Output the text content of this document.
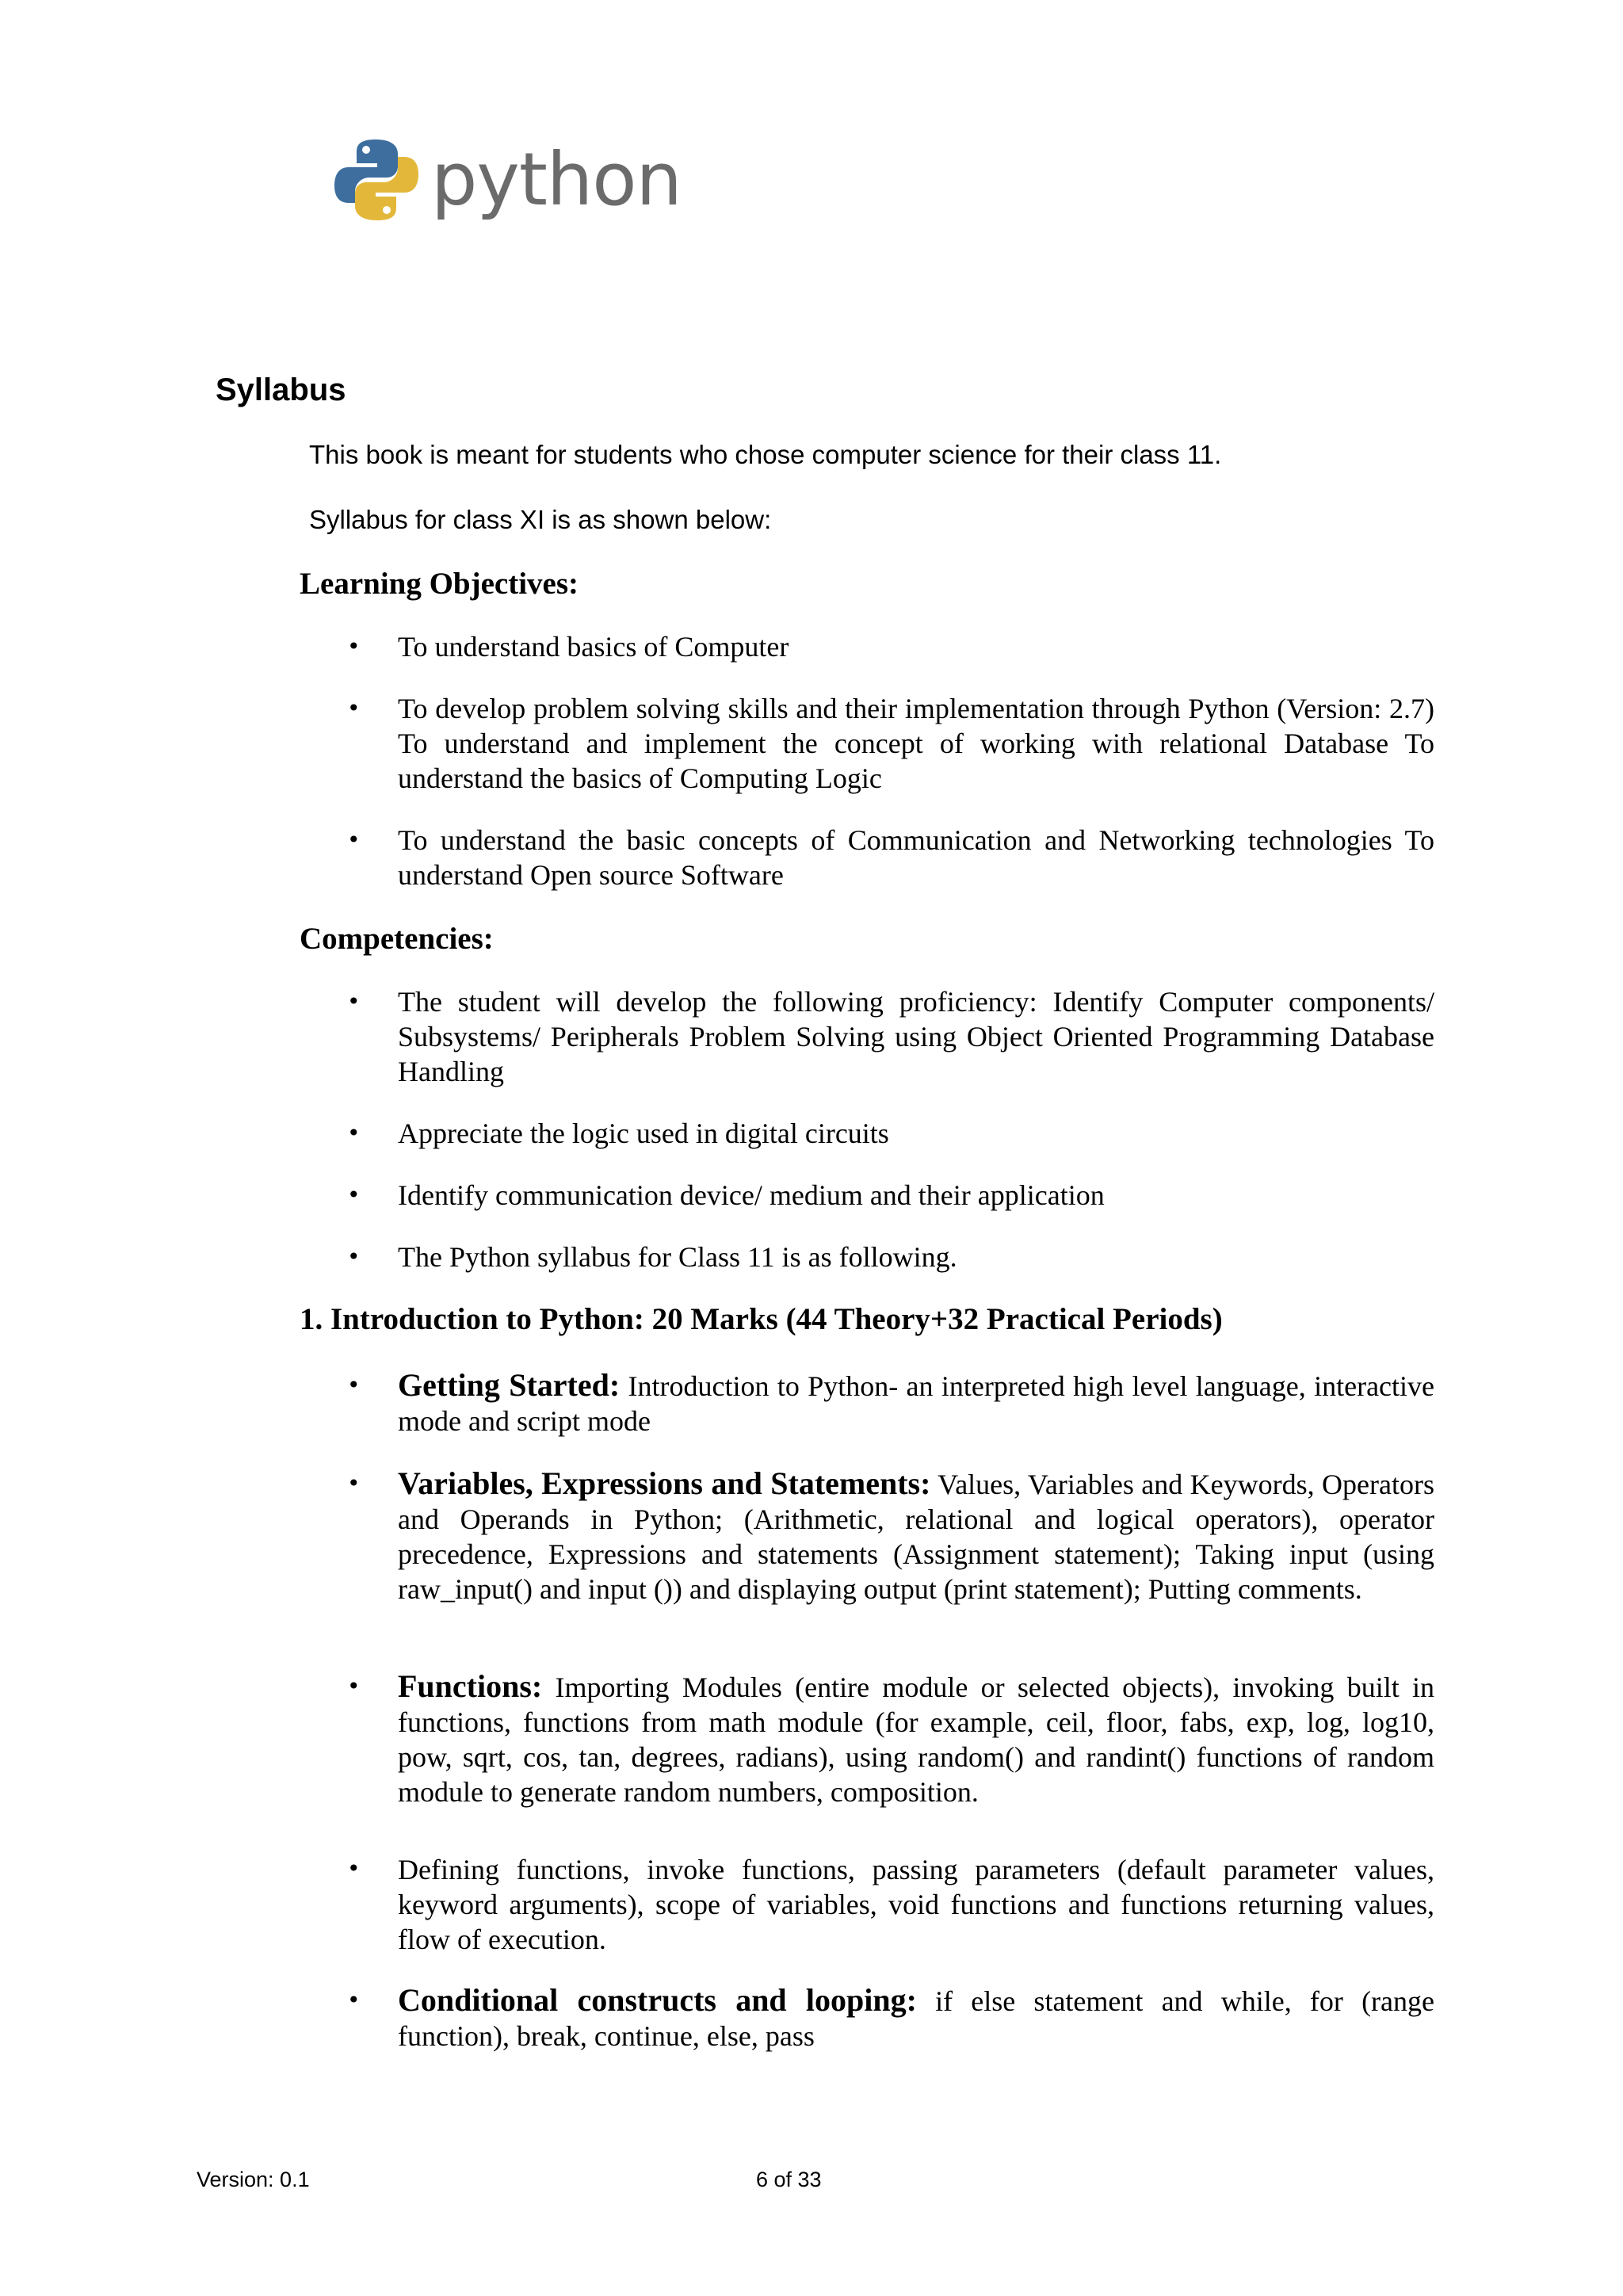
python
Syllabus

This book is meant for students who chose computer science for their class 11.

Syllabus for class XI is as shown below:

Learning Objectives:
• To understand basics of Computer
• To develop problem solving skills and their implementation through Python (Version: 2.7) To understand and implement the concept of working with relational Database To understand the basics of Computing Logic
• To understand the basic concepts of Communication and Networking technologies To understand Open source Software
Competencies:
• The student will develop the following proficiency: Identify Computer components/ Subsystems/ Peripherals Problem Solving using Object Oriented Programming Database Handling
• Appreciate the logic used in digital circuits
• Identify communication device/ medium and their application
• The Python syllabus for Class 11 is as following.
1. Introduction to Python: 20 Marks (44 Theory+32 Practical Periods)
• Getting Started: Introduction to Python- an interpreted high level language, interactive mode and script mode
• Variables, Expressions and Statements: Values, Variables and Keywords, Operators and Operands in Python; (Arithmetic, relational and logical operators), operator precedence, Expressions and statements (Assignment statement); Taking input (using raw_input() and input ()) and displaying output (print statement); Putting comments.
• Functions: Importing Modules (entire module or selected objects), invoking built in functions, functions from math module (for example, ceil, floor, fabs, exp, log, log10, pow, sqrt, cos, tan, degrees, radians), using random() and randint() functions of random module to generate random numbers, composition.
• Defining functions, invoke functions, passing parameters (default parameter values, keyword arguments), scope of variables, void functions and functions returning values, flow of execution.
• Conditional constructs and looping: if else statement and while, for (range function), break, continue, else, pass

Version: 0.1	6 of 33
